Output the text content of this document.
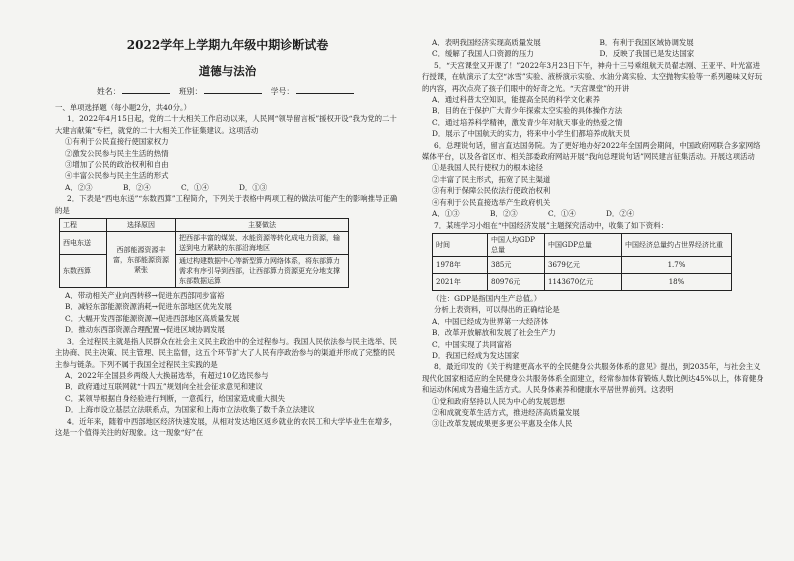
2022学年上学期九年级中期诊断试卷
道德与法治
姓名：	班别：	学号：

一、单项选择题（每小题2分，共40分。）

1．2022年4月15日起，党的二十大相关工作启动以来，人民网“领导留言板”援权开设“我为党的二十大建言献策”专栏，就党的二十大相关工作征集建议。这项活动

①有利于公民直接行使国家权力

②激发公民参与民主生活的热情

③增加了公民的政治权利和自由

④丰富公民参与民主生活的形式

A．②③	B．②④	C．①④	D．①③

2．下表是“西电东送”“东数西算”工程简介，下列关于表格中两项工程的做法可能产生的影响推导正确的是

工程	选择原因	主要做法
西电东送	西部能源资源丰富，东部能源资源紧张	把西部丰富的煤炭、水能资源等转化成电力资源，输送到电力紧缺的东部沿海地区
东数西算		通过构建数据中心等新型算力网络体系，将东部算力需求有序引导到西部，让西部算力资源更充分地支撑东部数据运算

A．带动相关产业向西转移→促进东西部同步富裕

B．减轻东部能源资源消耗→促进东部地区优先发展

C．大幅开发西部能源资源→促进西部地区高质量发展

D．推动东西部资源合理配置→促进区域协调发展

3．全过程民主就是指人民群众在社会主义民主政治中的全过程参与。我国人民依法参与民主选举、民主协商、民主决策、民主管理、民主监督，这五个环节扩大了人民有序政治参与的渠道并形成了完整的民主参与链条。下列不属于我国全过程民主实践的是

A．2022年全国县乡两级人大换届选举，有超过10亿选民参与

B．政府通过互联网就“十四五”规划向全社会征求意见和建议

C．某领导根据自身经验进行判断，一意孤行，给国家造成重大损失

D．上海市设立基层立法联系点，为国家和上海市立法收集了数千条立法建议

4．近年来，随着中西部地区经济快速发展，从相对发达地区返乡就业的农民工和大学毕业生在增多，这是一个值得关注的好现象。这一现象“好”在

A．表明我国经济实现高质量发展	B．有利于我国区域协调发展
C．缓解了我国人口资源的压力	D．反映了我国已是发达国家

5．“天宫课堂又开课了！”2022年3月23日下午，神舟十三号乘组航天员翟志刚、王亚平、叶光富进行授课，在轨演示了太空“冰雪”实验、液桥演示实验、水油分离实验、太空抛物实验等一系列趣味又好玩的内容，再次点亮了孩子们眼中的好奇之光。“天宫课堂”的开讲

A．通过科普太空知识，能提高全民的科学文化素养

B．目的在于保护广大青少年探索太空实验的具体操作方法

C．通过培养科学精神，激发青少年对航天事业的热爱之情

D．展示了中国航天的实力，将来中小学生们都培养成航天员

6．总理说句话，留言直达国务院。为了更好地办好2022年全国两会期间，中国政府网联合多家网络媒体平台，以及各省区市、相关部委政府网站开展“我向总理说句话”网民建言征集活动。开展这项活动

①是我国人民行使权力的根本途径

②丰富了民主形式，拓宽了民主渠道

③有利于保障公民依法行使政治权利

④有利于公民直接选举产生政府机关

A．①③	B．②③	C．①④	D．②④

7．某班学习小组在“中国经济发展”主题探究活动中，收集了如下资料：

时间	中国人均GDP总量	中国GDP总量	中国经济总量约占世界经济比重
1978年	385元	3679亿元	1.7%
2021年	80976元	1143670亿元	18%

（注：GDP是指国内生产总值。）

分析上表资料，可以得出的正确结论是

A．中国已经成为世界第一大经济体

B．改革开放解放和发展了社会生产力

C．中国实现了共同富裕

D．我国已经成为发达国家

8．最近印发的《关于构建更高水平的全民健身公共服务体系的意见》提出，到2035年，与社会主义现代化国家相适应的全民健身公共服务体系全面建立，经常参加体育锻炼人数比例达45%以上，体育健身和运动休闲成为普遍生活方式。人民身体素养和健康水平居世界前列。这表明

①党和政府坚持以人民为中心的发展思想

②和成就变革生活方式，推进经济高质量发展

③让改革发展成果更多更公平惠及全体人民
